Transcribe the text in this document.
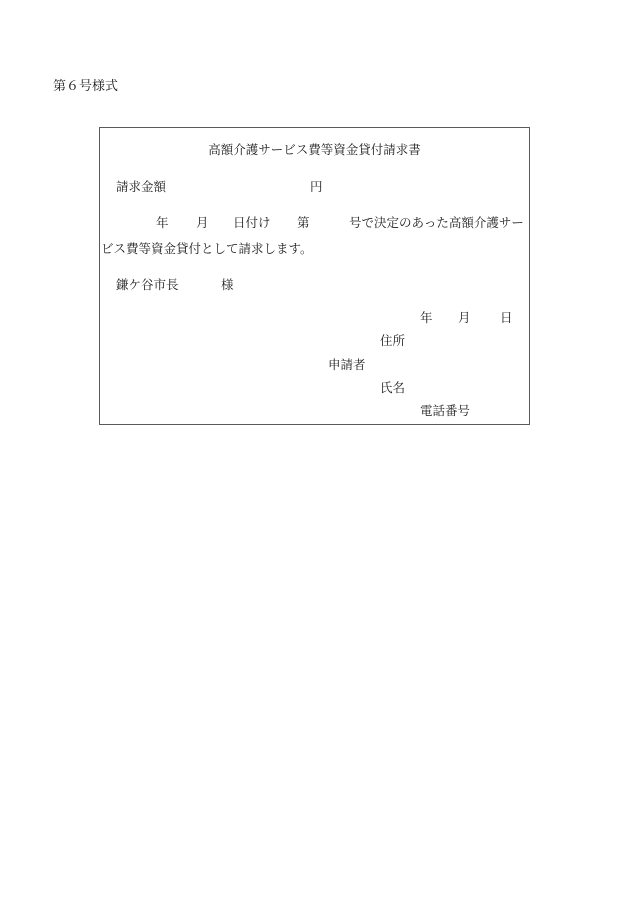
第６号様式
高額介護サービス費等資金貸付請求書
請求金額	円
年 月 日付け 第	号で決定のあった高額介護サー
ビス費等資金貸付として請求します。
鎌ケ谷市長	様
年 月 日
住所
申請者
氏名
電話番号
